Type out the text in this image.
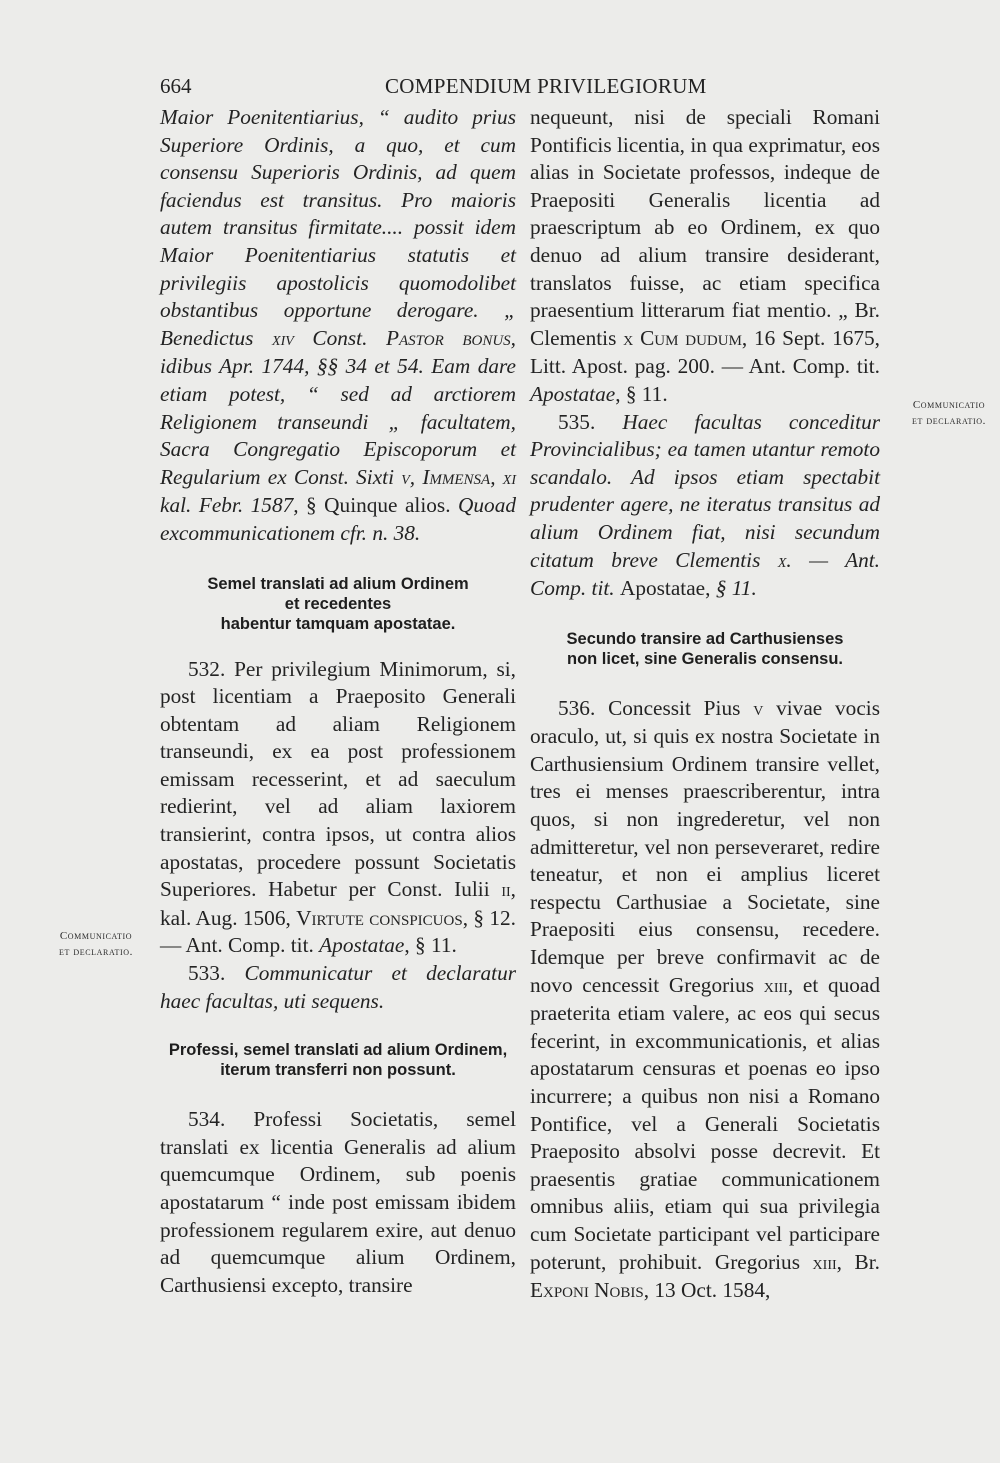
664	COMPENDIUM PRIVILEGIORUM

Maior Poenitentiarius, “ audito prius Superiore Ordinis, a quo, et cum consensu Superioris Ordinis, ad quem faciendus est transitus. Pro maioris autem transitus firmitate.... possit idem Maior Poenitentiarius statutis et privilegiis apostolicis quomodolibet obstantibus opportune derogare. „ Benedictus xiv Const. Pastor bonus, idibus Apr. 1744, §§ 34 et 54. Eam dare etiam potest, “ sed ad arctiorem Religionem transeundi „ facultatem, Sacra Congregatio Episcoporum et Regularium ex Const. Sixti v, Immensa, xi kal. Febr. 1587, § Quinque alios. Quoad excommunicationem cfr. n. 38.

Semel translati ad alium Ordinem
et recedentes
habentur tamquam apostatae.

532. Per privilegium Minimorum, si, post licentiam a Praeposito Generali obtentam ad aliam Religionem transeundi, ex ea post professionem emissam recesserint, et ad saeculum redierint, vel ad aliam laxiorem transierint, contra ipsos, ut contra alios apostatas, procedere possunt Societatis Superiores. Habetur per Const. Iulii ii, kal. Aug. 1506, Virtute conspicuos, § 12. — Ant. Comp. tit. Apostatae, § 11.

533. Communicatur et declaratur haec facultas, uti sequens.

Professi, semel translati ad alium Ordinem, iterum transferri non possunt.

534. Professi Societatis, semel translati ex licentia Generalis ad alium quemcumque Ordinem, sub poenis apostatarum “ inde post emissam ibidem professionem regularem exire, aut denuo ad quemcumque alium Ordinem, Carthusiensi excepto, transire

nequeunt, nisi de speciali Romani Pontificis licentia, in qua exprimatur, eos alias in Societate professos, indeque de Praepositi Generalis licentia ad praescriptum ab eo Ordinem, ex quo denuo ad alium transire desiderant, translatos fuisse, ac etiam specifica praesentium litterarum fiat mentio. „ Br. Clementis x Cum dudum, 16 Sept. 1675, Litt. Apost. pag. 200. — Ant. Comp. tit. Apostatae, § 11.

535. Haec facultas conceditur Provincialibus; ea tamen utantur remoto scandalo. Ad ipsos etiam spectabit prudenter agere, ne iteratus transitus ad alium Ordinem fiat, nisi secundum citatum breve Clementis x. — Ant. Comp. tit. Apostatae, § 11.

Secundo transire ad Carthusienses
non licet, sine Generalis consensu.

536. Concessit Pius v vivae vocis oraculo, ut, si quis ex nostra Societate in Carthusiensium Ordinem transire vellet, tres ei menses praescriberentur, intra quos, si non ingrederetur, vel non admitteretur, vel non perseveraret, redire teneatur, et non ei amplius liceret respectu Carthusiae a Societate, sine Praepositi eius consensu, recedere. Idemque per breve confirmavit ac de novo cencessit Gregorius xiii, et quoad praeterita etiam valere, ac eos qui secus fecerint, in excommunicationis, et alias apostatarum censuras et poenas eo ipso incurrere; a quibus non nisi a Romano Pontifice, vel a Generali Societatis Praeposito absolvi posse decrevit. Et praesentis gratiae communicationem omnibus aliis, etiam qui sua privilegia cum Societate participant vel participare poterunt, prohibuit. Gregorius xiii, Br. Exponi Nobis, 13 Oct. 1584,

Communicatio
et declaratio.
Communicatio
et declaratio.
